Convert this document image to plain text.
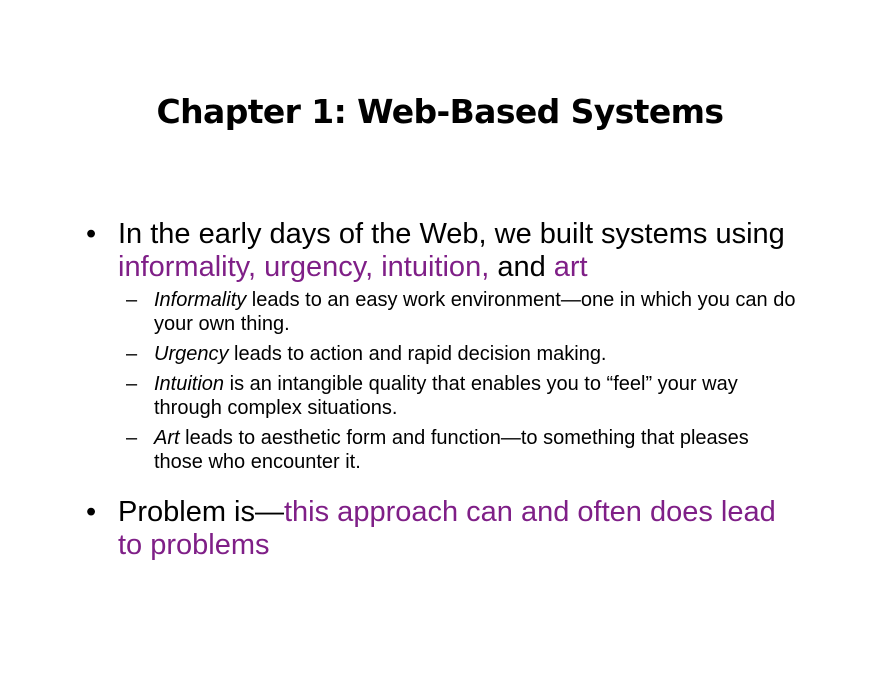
Chapter 1: Web-Based Systems
• In the early days of the Web, we built systems using informality, urgency, intuition, and art
– Informality leads to an easy work environment—one in which you can do your own thing.
– Urgency leads to action and rapid decision making.
– Intuition is an intangible quality that enables you to “feel” your way through complex situations.
– Art leads to aesthetic form and function—to something that pleases those who encounter it.
• Problem is—this approach can and often does lead to problems
